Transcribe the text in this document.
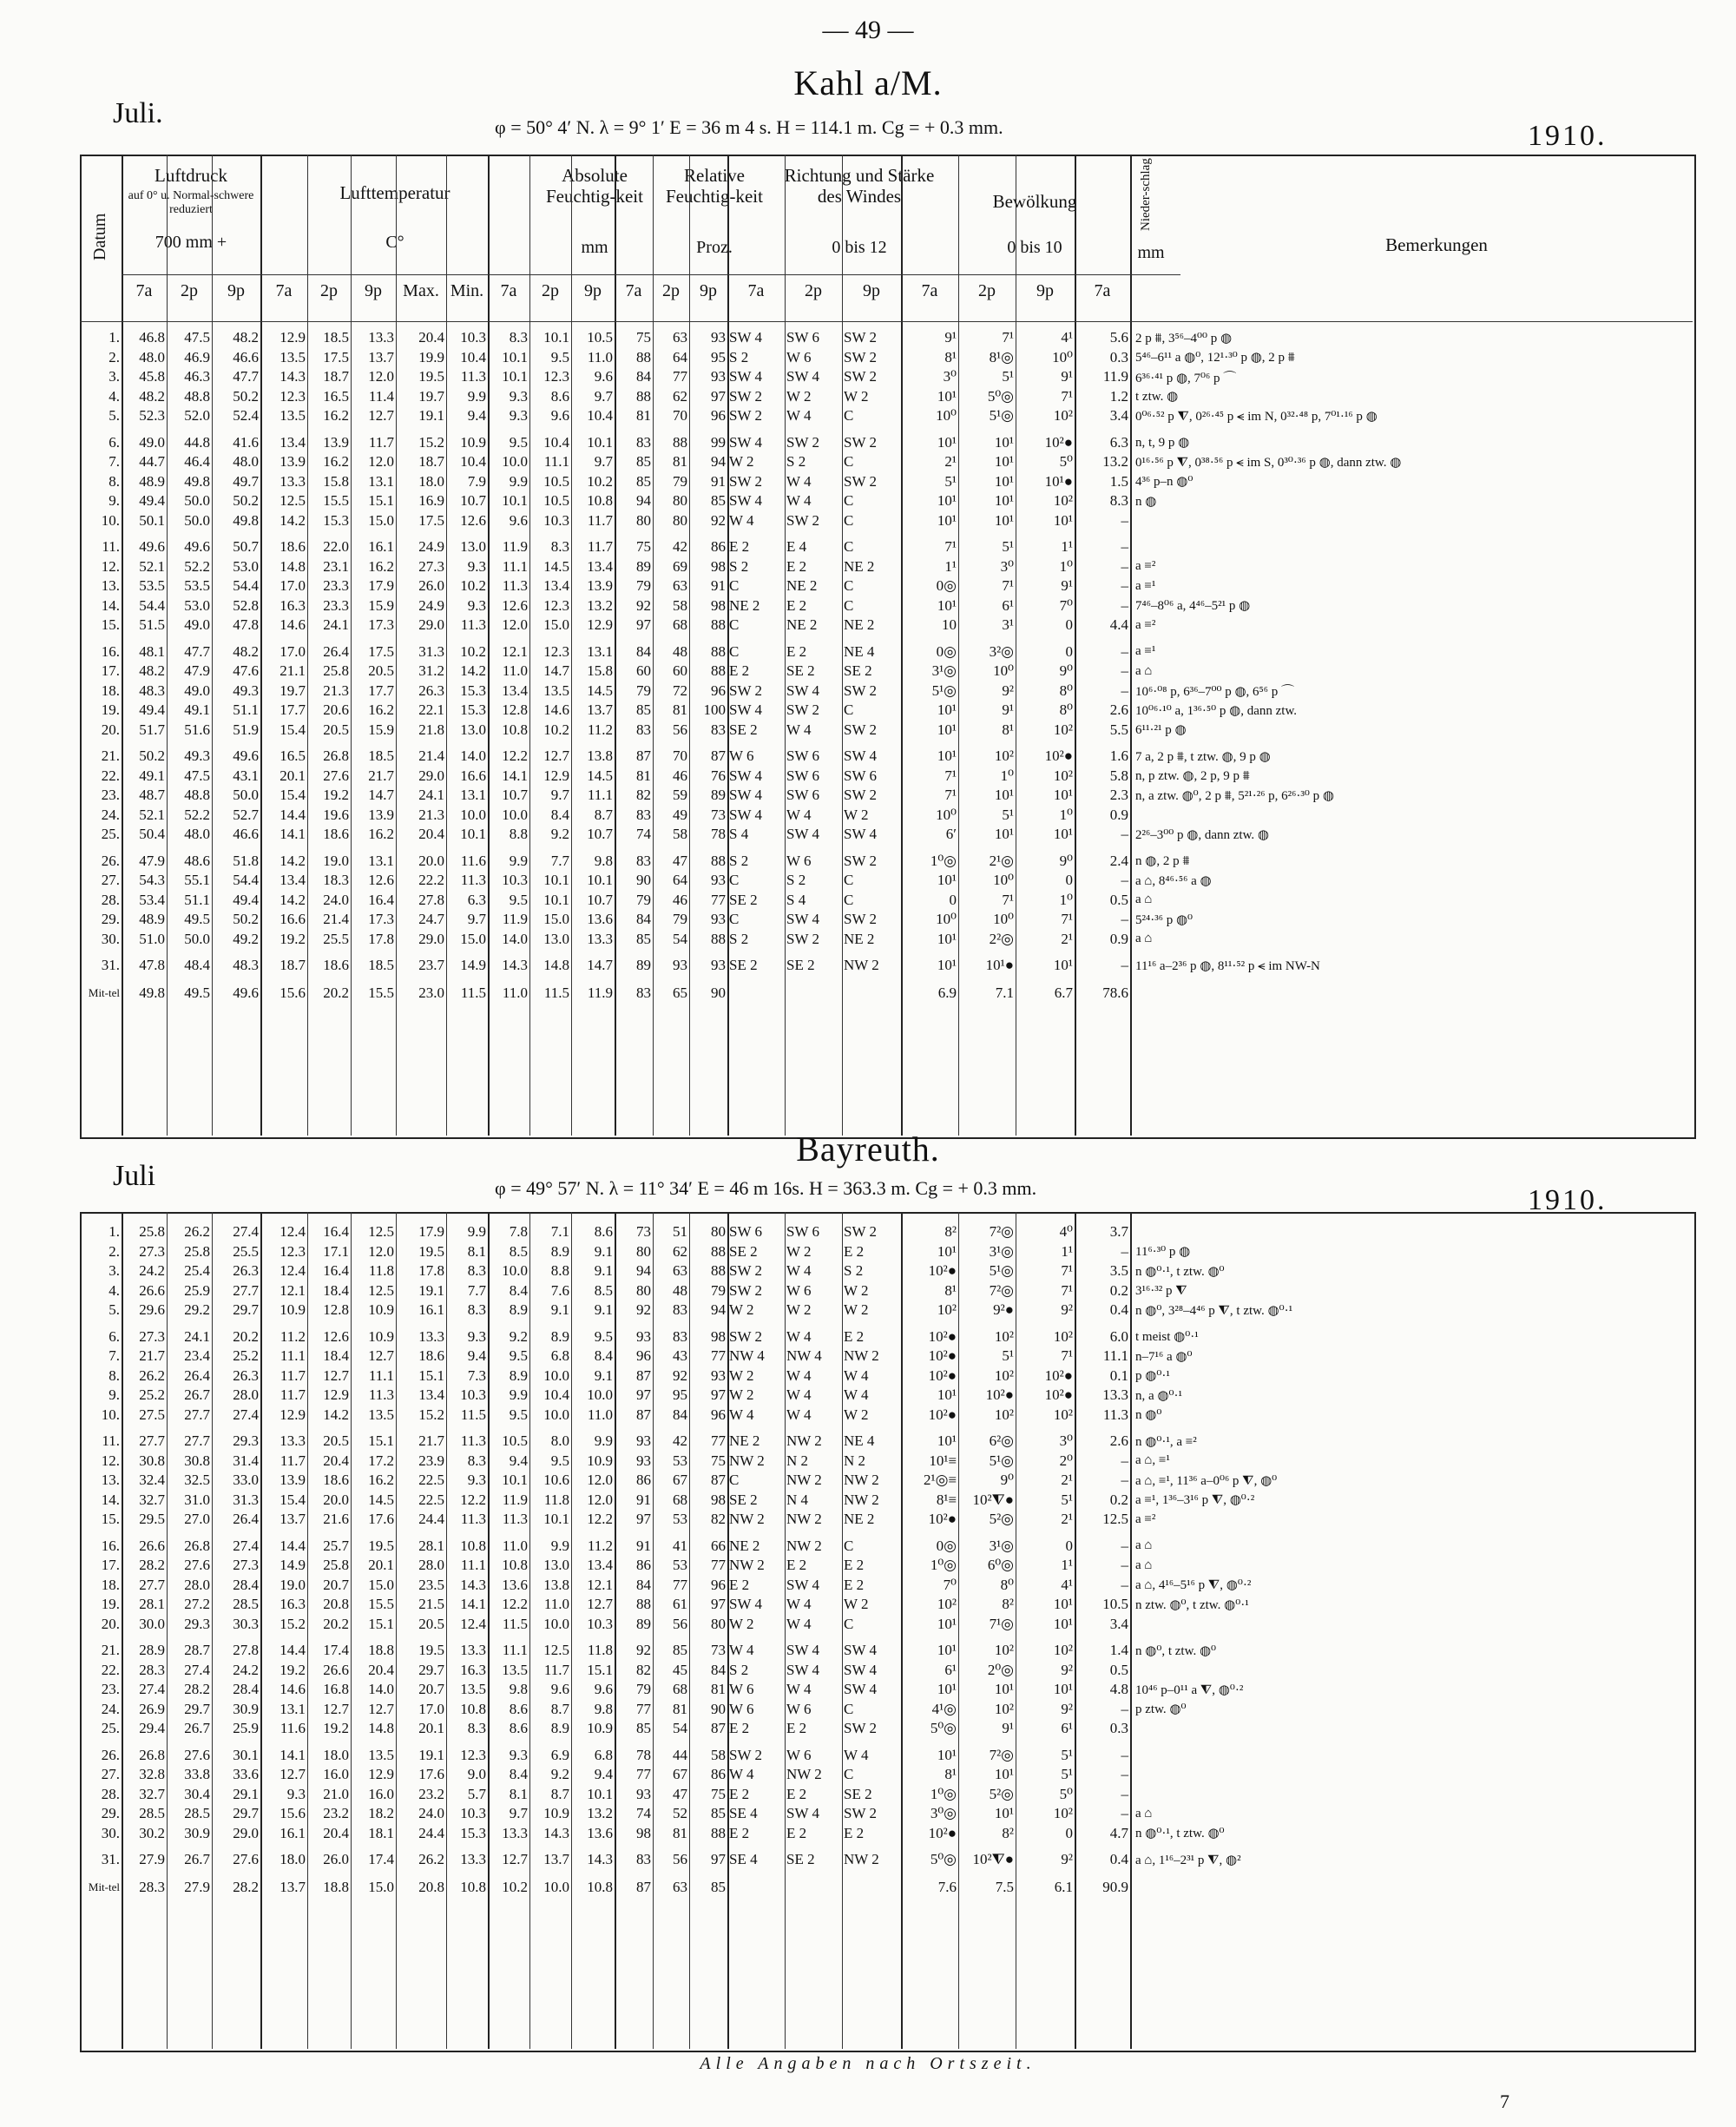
— 49 —
Kahl a/M.
Juli.	φ = 50° 4′ N. λ = 9° 1′ E = 36 m 4 s. H = 114.1 m. Cg = + 0.3 mm.	1910.
Datum
Luftdruck
auf 0° u. Normal-schwere reduziert
700 mm +
Lufttemperatur
C°
Absolute Feuchtig-keit
mm
Relative Feuchtig-keit
Proz.
Richtung und Stärke des Windes
0 bis 12
Bewölkung
0 bis 10
Nieder-schlag
mm	Bemerkungen
7a	2p	9p	7a	2p	9p	Max. Min. 7a	2p	9p	7a	2p	9p	7a	2p	9p	7a	2p	9p	7a
1.	46.8	47.5	48.2	12.9	18.5	13.3	20.4	10.3	8.3	10.1	10.5	75	63	93	SW 4	SW 6	SW 2	9¹	7¹	4¹	5.6	2 p ⩩, 3⁵⁶–4⁰⁰ p ◍
2.	48.0	46.9	46.6	13.5	17.5	13.7	19.9	10.4	10.1	9.5	11.0	88	64	95	S 2	W 6	SW 2	8¹	8¹◎	10⁰	0.3	5⁴⁶–6¹¹ a ◍⁰, 12¹·³⁰ p ◍, 2 p ⩩
3.	45.8	46.3	47.7	14.3	18.7	12.0	19.5	11.3	10.1	12.3	9.6	84	77	93	SW 4	SW 4	SW 2	3⁰	5¹	9¹	11.9	6³⁶·⁴¹ p ◍, 7⁰⁶ p ⌒
4.	48.2	48.8	50.2	12.3	16.5	11.4	19.7	9.9	9.3	8.6	9.7	88	62	97	SW 2	W 2	W 2	10¹	5⁰◎	7¹	1.2	t ztw. ◍
5.	52.3	52.0	52.4	13.5	16.2	12.7	19.1	9.4	9.3	9.6	10.4	81	70	96	SW 2	W 4	C	10⁰	5¹◎	10²	3.4	0⁰⁶·⁵² p ⧨, 0²⁶·⁴⁵ p ⪪ im N, 0³²·⁴⁸ p, 7⁰¹·¹⁶ p ◍

6.	49.0	44.8	41.6	13.4	13.9	11.7	15.2	10.9	9.5	10.4	10.1	83	88	99	SW 4	SW 2	SW 2	10¹	10¹	10²●	6.3	n, t, 9 p ◍
7.	44.7	46.4	48.0	13.9	16.2	12.0	18.7	10.4	10.0	11.1	9.7	85	81	94	W 2	S 2	C	2¹	10¹	5⁰	13.2	0¹⁶·⁵⁶ p ⧨, 0³⁸·⁵⁶ p ⪪ im S, 0³⁰·³⁶ p ◍, dann ztw. ◍
8.	48.9	49.8	49.7	13.3	15.8	13.1	18.0	7.9	9.9	10.5	10.2	85	79	91	SW 2	W 4	SW 2	5¹	10¹	10¹●	1.5	4³⁶ p–n ◍⁰
9.	49.4	50.0	50.2	12.5	15.5	15.1	16.9	10.7	10.1	10.5	10.8	94	80	85	SW 4	W 4	C	10¹	10¹	10²	8.3	n ◍
10.	50.1	50.0	49.8	14.2	15.3	15.0	17.5	12.6	9.6	10.3	11.7	80	80	92	W 4	SW 2	C	10¹	10¹	10¹	–	

11.	49.6	49.6	50.7	18.6	22.0	16.1	24.9	13.0	11.9	8.3	11.7	75	42	86	E 2	E 4	C	7¹	5¹	1¹	–	
12.	52.1	52.2	53.0	14.8	23.1	16.2	27.3	9.3	11.1	14.5	13.4	89	69	98	S 2	E 2	NE 2	1¹	3⁰	1⁰	–	a ≡²
13.	53.5	53.5	54.4	17.0	23.3	17.9	26.0	10.2	11.3	13.4	13.9	79	63	91	C	NE 2	C	0◎	7¹	9¹	–	a ≡¹
14.	54.4	53.0	52.8	16.3	23.3	15.9	24.9	9.3	12.6	12.3	13.2	92	58	98	NE 2	E 2	C	10¹	6¹	7⁰	–	7⁴⁶–8⁰⁶ a, 4⁴⁶–5²¹ p ◍
15.	51.5	49.0	47.8	14.6	24.1	17.3	29.0	11.3	12.0	15.0	12.9	97	68	88	C	NE 2	NE 2	10	3¹	0	4.4	a ≡²

16.	48.1	47.7	48.2	17.0	26.4	17.5	31.3	10.2	12.1	12.3	13.1	84	48	88	C	E 2	NE 4	0◎	3²◎	0	–	a ≡¹
17.	48.2	47.9	47.6	21.1	25.8	20.5	31.2	14.2	11.0	14.7	15.8	60	60	88	E 2	SE 2	SE 2	3¹◎	10⁰	9⁰	–	a ⌂
18.	48.3	49.0	49.3	19.7	21.3	17.7	26.3	15.3	13.4	13.5	14.5	79	72	96	SW 2	SW 4	SW 2	5¹◎	9²	8⁰	–	10⁶·⁰⁸ p, 6³⁶–7⁰⁰ p ◍, 6⁵⁶ p ⌒
19.	49.4	49.1	51.1	17.7	20.6	16.2	22.1	15.3	12.8	14.6	13.7	85	81	100	SW 4	SW 2	C	10¹	9¹	8⁰	2.6	10⁰⁶·¹⁰ a, 1³⁶·⁵⁰ p ◍, dann ztw.
20.	51.7	51.6	51.9	15.4	20.5	15.9	21.8	13.0	10.8	10.2	11.2	83	56	83	SE 2	W 4	SW 2	10¹	8¹	10²	5.5	6¹¹·²¹ p ◍

21.	50.2	49.3	49.6	16.5	26.8	18.5	21.4	14.0	12.2	12.7	13.8	87	70	87	W 6	SW 6	SW 4	10¹	10²	10²●	1.6	7 a, 2 p ⩩, t ztw. ◍, 9 p ◍
22.	49.1	47.5	43.1	20.1	27.6	21.7	29.0	16.6	14.1	12.9	14.5	81	46	76	SW 4	SW 6	SW 6	7¹	1⁰	10²	5.8	n, p ztw. ◍, 2 p, 9 p ⩩
23.	48.7	48.8	50.0	15.4	19.2	14.7	24.1	13.1	10.7	9.7	11.1	82	59	89	SW 4	SW 6	SW 2	7¹	10¹	10¹	2.3	n, a ztw. ◍⁰, 2 p ⩩, 5²¹·²⁶ p, 6²⁶·³⁰ p ◍
24.	52.1	52.2	52.7	14.4	19.6	13.9	21.3	10.0	10.0	8.4	8.7	83	49	73	SW 4	W 4	W 2	10⁰	5¹	1⁰	0.9	
25.	50.4	48.0	46.6	14.1	18.6	16.2	20.4	10.1	8.8	9.2	10.7	74	58	78	S 4	SW 4	SW 4	6′	10¹	10¹	–	2²⁶–3⁰⁰ p ◍, dann ztw. ◍

26.	47.9	48.6	51.8	14.2	19.0	13.1	20.0	11.6	9.9	7.7	9.8	83	47	88	S 2	W 6	SW 2	1⁰◎	2¹◎	9⁰	2.4	n ◍, 2 p ⩩
27.	54.3	55.1	54.4	13.4	18.3	12.6	22.2	11.3	10.3	10.1	10.1	90	64	93	C	S 2	C	10¹	10⁰	0	–	a ⌂, 8⁴⁶·⁵⁶ a ◍
28.	53.4	51.1	49.4	14.2	24.0	16.4	27.8	6.3	9.5	10.1	10.7	79	46	77	SE 2	S 4	C	0	7¹	1⁰	0.5	a ⌂
29.	48.9	49.5	50.2	16.6	21.4	17.3	24.7	9.7	11.9	15.0	13.6	84	79	93	C	SW 4	SW 2	10⁰	10⁰	7¹	–	5²⁴·³⁶ p ◍⁰
30.	51.0	50.0	49.2	19.2	25.5	17.8	29.0	15.0	14.0	13.0	13.3	85	54	88	S 2	SW 2	NE 2	10¹	2²◎	2¹	0.9	a ⌂

31.	47.8	48.4	48.3	18.7	18.6	18.5	23.7	14.9	14.3	14.8	14.7	89	93	93	SE 2	SE 2	NW 2	10¹	10¹●	10¹	–	11¹⁶ a–2³⁶ p ◍, 8¹¹·⁵² p ⪪ im NW-N
Mit-tel	49.8	49.5	49.6	15.6	20.2	15.5	23.0	11.5	11.0	11.5	11.9	83	65	90				6.9	7.1	6.7	78.6	
Bayreuth.
Juli	φ = 49° 57′ N. λ = 11° 34′ E = 46 m 16s. H = 363.3 m. Cg = + 0.3 mm.	1910.
1.	25.8	26.2	27.4	12.4	16.4	12.5	17.9	9.9	7.8	7.1	8.6	73	51	80	SW 6	SW 6	SW 2	8²	7²◎	4⁰	3.7	
2.	27.3	25.8	25.5	12.3	17.1	12.0	19.5	8.1	8.5	8.9	9.1	80	62	88	SE 2	W 2	E 2	10¹	3¹◎	1¹	–	11⁶·³⁰ p ◍
3.	24.2	25.4	26.3	12.4	16.4	11.8	17.8	8.3	10.0	8.8	9.1	94	63	88	SW 2	W 4	S 2	10²●	5¹◎	7¹	3.5	n ◍⁰·¹, t ztw. ◍⁰
4.	26.6	25.9	27.7	12.1	18.4	12.5	19.1	7.7	8.4	7.6	8.5	80	48	79	SW 2	W 6	W 2	8¹	7²◎	7¹	0.2	3¹⁶·³² p ⧨
5.	29.6	29.2	29.7	10.9	12.8	10.9	16.1	8.3	8.9	9.1	9.1	92	83	94	W 2	W 2	W 2	10²	9²●	9²	0.4	n ◍⁰, 3²⁸–4⁴⁶ p ⧨, t ztw. ◍⁰·¹

6.	27.3	24.1	20.2	11.2	12.6	10.9	13.3	9.3	9.2	8.9	9.5	93	83	98	SW 2	W 4	E 2	10²●	10²	10²	6.0	t meist ◍⁰·¹
7.	21.7	23.4	25.2	11.1	18.4	12.7	18.6	9.4	9.5	6.8	8.4	96	43	77	NW 4	NW 4	NW 2	10²●	5¹	7¹	11.1	n–7¹⁶ a ◍⁰
8.	26.2	26.4	26.3	11.7	12.7	11.1	15.1	7.3	8.9	10.0	9.1	87	92	93	W 2	W 4	W 4	10²●	10²	10²●	0.1	p ◍⁰·¹
9.	25.2	26.7	28.0	11.7	12.9	11.3	13.4	10.3	9.9	10.4	10.0	97	95	97	W 2	W 4	W 4	10¹	10²●	10²●	13.3	n, a ◍⁰·¹
10.	27.5	27.7	27.4	12.9	14.2	13.5	15.2	11.5	9.5	10.0	11.0	87	84	96	W 4	W 4	W 2	10²●	10²	10²	11.3	n ◍⁰

11.	27.7	27.7	29.3	13.3	20.5	15.1	21.7	11.3	10.5	8.0	9.9	93	42	77	NE 2	NW 2	NE 4	10¹	6²◎	3⁰	2.6	n ◍⁰·¹, a ≡²
12.	30.8	30.8	31.4	11.7	20.4	17.2	23.9	8.3	9.4	9.5	10.9	93	53	75	NW 2	N 2	N 2	10¹≡	5¹◎	2⁰	–	a ⌂, ≡¹
13.	32.4	32.5	33.0	13.9	18.6	16.2	22.5	9.3	10.1	10.6	12.0	86	67	87	C	NW 2	NW 2	2¹◎≡	9⁰	2¹	–	a ⌂, ≡¹, 11³⁶ a–0⁰⁶ p ⧨, ◍⁰
14.	32.7	31.0	31.3	15.4	20.0	14.5	22.5	12.2	11.9	11.8	12.0	91	68	98	SE 2	N 4	NW 2	8¹≡	10²⧨●	5¹	0.2	a ≡¹, 1³⁶–3¹⁶ p ⧨, ◍⁰·²
15.	29.5	27.0	26.4	13.7	21.6	17.6	24.4	11.3	11.3	10.1	12.2	97	53	82	NW 2	NW 2	NE 2	10²●	5²◎	2¹	12.5	a ≡²

16.	26.6	26.8	27.4	14.4	25.7	19.5	28.1	10.8	11.0	9.9	11.2	91	41	66	NE 2	NW 2	C	0◎	3¹◎	0	–	a ⌂
17.	28.2	27.6	27.3	14.9	25.8	20.1	28.0	11.1	10.8	13.0	13.4	86	53	77	NW 2	E 2	E 2	1⁰◎	6⁰◎	1¹	–	a ⌂
18.	27.7	28.0	28.4	19.0	20.7	15.0	23.5	14.3	13.6	13.8	12.1	84	77	96	E 2	SW 4	E 2	7⁰	8⁰	4¹	–	a ⌂, 4¹⁶–5¹⁶ p ⧨, ◍⁰·²
19.	28.1	27.2	28.5	16.3	20.8	15.5	21.5	14.1	12.2	11.0	12.7	88	61	97	SW 4	W 4	W 2	10²	8²	10¹	10.5	n ztw. ◍⁰, t ztw. ◍⁰·¹
20.	30.0	29.3	30.3	15.2	20.2	15.1	20.5	12.4	11.5	10.0	10.3	89	56	80	W 2	W 4	C	10¹	7¹◎	10¹	3.4	

21.	28.9	28.7	27.8	14.4	17.4	18.8	19.5	13.3	11.1	12.5	11.8	92	85	73	W 4	SW 4	SW 4	10¹	10²	10²	1.4	n ◍⁰, t ztw. ◍⁰
22.	28.3	27.4	24.2	19.2	26.6	20.4	29.7	16.3	13.5	11.7	15.1	82	45	84	S 2	SW 4	SW 4	6¹	2⁰◎	9²	0.5	
23.	27.4	28.2	28.4	14.6	16.8	14.0	20.7	13.5	9.8	9.6	9.6	79	68	81	W 6	W 4	SW 4	10¹	10¹	10¹	4.8	10⁴⁶ p–0¹¹ a ⧨, ◍⁰·²
24.	26.9	29.7	30.9	13.1	12.7	12.7	17.0	10.8	8.6	8.7	9.8	77	81	90	W 6	W 6	C	4¹◎	10²	9²	–	p ztw. ◍⁰
25.	29.4	26.7	25.9	11.6	19.2	14.8	20.1	8.3	8.6	8.9	10.9	85	54	87	E 2	E 2	SW 2	5⁰◎	9¹	6¹	0.3	

26.	26.8	27.6	30.1	14.1	18.0	13.5	19.1	12.3	9.3	6.9	6.8	78	44	58	SW 2	W 6	W 4	10¹	7²◎	5¹	–	
27.	32.8	33.8	33.6	12.7	16.0	12.9	17.6	9.0	8.4	9.2	9.4	77	67	86	W 4	NW 2	C	8¹	10¹	5¹	–	
28.	32.7	30.4	29.1	9.3	21.0	16.0	23.2	5.7	8.1	8.7	10.1	93	47	75	E 2	E 2	SE 2	1⁰◎	5²◎	5⁰	–	
29.	28.5	28.5	29.7	15.6	23.2	18.2	24.0	10.3	9.7	10.9	13.2	74	52	85	SE 4	SW 4	SW 2	3⁰◎	10¹	10²	–	a ⌂
30.	30.2	30.9	29.0	16.1	20.4	18.1	24.4	15.3	13.3	14.3	13.6	98	81	88	E 2	E 2	E 2	10²●	8²	0	4.7	n ◍⁰·¹, t ztw. ◍⁰

31.	27.9	26.7	27.6	18.0	26.0	17.4	26.2	13.3	12.7	13.7	14.3	83	56	97	SE 4	SE 2	NW 2	5⁰◎	10²⧨●	9²	0.4	a ⌂, 1¹⁶–2³¹ p ⧨, ◍²
Mit-tel	28.3	27.9	28.2	13.7	18.8	15.0	20.8	10.8	10.2	10.0	10.8	87	63	85				7.6	7.5	6.1	90.9	
Alle Angaben nach Ortszeit.
7
